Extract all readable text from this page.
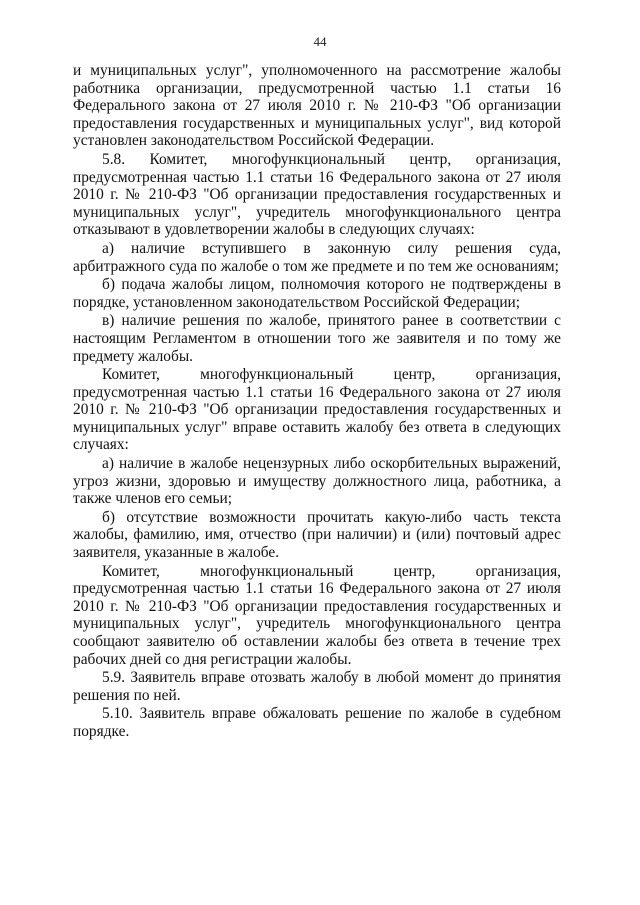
44

и муниципальных услуг", уполномоченного на рассмотрение жалобы работника организации, предусмотренной частью 1.1 статьи 16 Федерального закона от 27 июля 2010 г. № 210-ФЗ "Об организации предоставления государственных и муниципальных услуг", вид которой установлен законодательством Российской Федерации.

5.8. Комитет, многофункциональный центр, организация, предусмотренная частью 1.1 статьи 16 Федерального закона от 27 июля 2010 г. № 210-ФЗ "Об организации предоставления государственных и муниципальных услуг", учредитель многофункционального центра отказывают в удовлетворении жалобы в следующих случаях:

а) наличие вступившего в законную силу решения суда, арбитражного суда по жалобе о том же предмете и по тем же основаниям;

б) подача жалобы лицом, полномочия которого не подтверждены в порядке, установленном законодательством Российской Федерации;

в) наличие решения по жалобе, принятого ранее в соответствии с настоящим Регламентом в отношении того же заявителя и по тому же предмету жалобы.

Комитет, многофункциональный центр, организация, предусмотренная частью 1.1 статьи 16 Федерального закона от 27 июля 2010 г. № 210-ФЗ "Об организации предоставления государственных и муниципальных услуг" вправе оставить жалобу без ответа в следующих случаях:

а) наличие в жалобе нецензурных либо оскорбительных выражений, угроз жизни, здоровью и имуществу должностного лица, работника, а также членов его семьи;

б) отсутствие возможности прочитать какую-либо часть текста жалобы, фамилию, имя, отчество (при наличии) и (или) почтовый адрес заявителя, указанные в жалобе.

Комитет, многофункциональный центр, организация, предусмотренная частью 1.1 статьи 16 Федерального закона от 27 июля 2010 г. № 210-ФЗ "Об организации предоставления государственных и муниципальных услуг", учредитель многофункционального центра сообщают заявителю об оставлении жалобы без ответа в течение трех рабочих дней со дня регистрации жалобы.

5.9. Заявитель вправе отозвать жалобу в любой момент до принятия решения по ней.

5.10. Заявитель вправе обжаловать решение по жалобе в судебном порядке.
